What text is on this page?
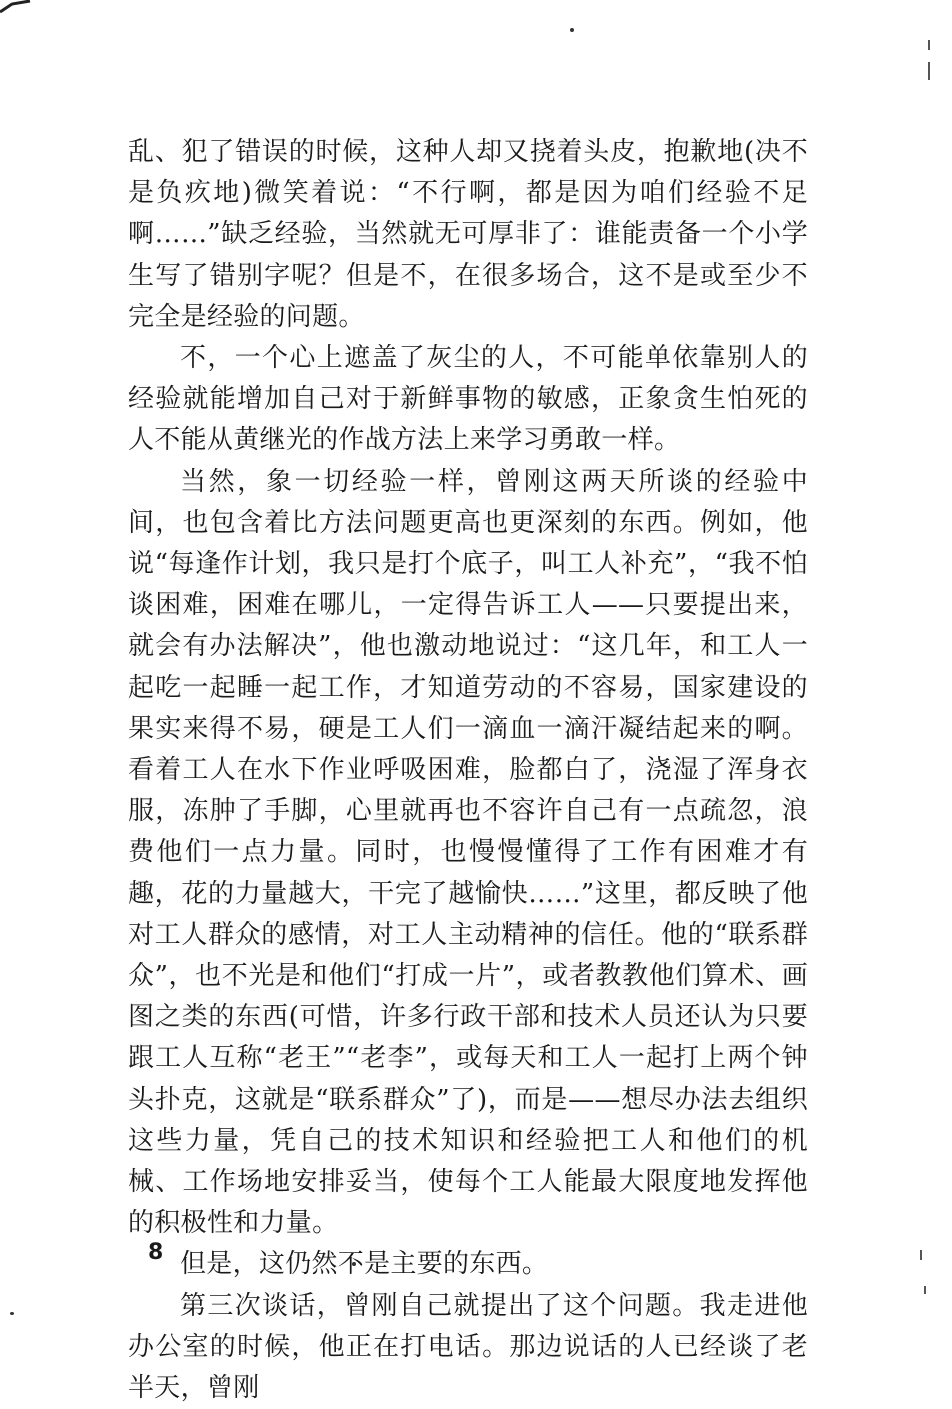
乱、犯了错误的时候，这种人却又挠着头皮，抱歉地(决不是负疚地)微笑着说：“不行啊，都是因为咱们经验不足啊……”缺乏经验，当然就无可厚非了：谁能责备一个小学生写了错别字呢？但是不，在很多场合，这不是或至少不完全是经验的问题。

不，一个心上遮盖了灰尘的人，不可能单依靠别人的经验就能增加自己对于新鲜事物的敏感，正象贪生怕死的人不能从黄继光的作战方法上来学习勇敢一样。

当然，象一切经验一样，曾刚这两天所谈的经验中间，也包含着比方法问题更高也更深刻的东西。例如，他说“每逢作计划，我只是打个底子，叫工人补充”，“我不怕谈困难，困难在哪儿，一定得告诉工人——只要提出来，就会有办法解决”，他也激动地说过：“这几年，和工人一起吃一起睡一起工作，才知道劳动的不容易，国家建设的果实来得不易，硬是工人们一滴血一滴汗凝结起来的啊。看着工人在水下作业呼吸困难，脸都白了，浇湿了浑身衣服，冻肿了手脚，心里就再也不容许自己有一点疏忽，浪费他们一点力量。同时，也慢慢懂得了工作有困难才有趣，花的力量越大，干完了越愉快……”这里，都反映了他对工人群众的感情，对工人主动精神的信任。他的“联系群众”，也不光是和他们“打成一片”，或者教教他们算术、画图之类的东西(可惜，许多行政干部和技术人员还认为只要跟工人互称“老王”“老李”，或每天和工人一起打上两个钟头扑克，这就是“联系群众”了)，而是——想尽办法去组织这些力量，凭自己的技术知识和经验把工人和他们的机械、工作场地安排妥当，使每个工人能最大限度地发挥他的积极性和力量。

但是，这仍然不是主要的东西。

第三次谈话，曾刚自己就提出了这个问题。我走进他办公室的时候，他正在打电话。那边说话的人已经谈了老半天，曾刚

8
